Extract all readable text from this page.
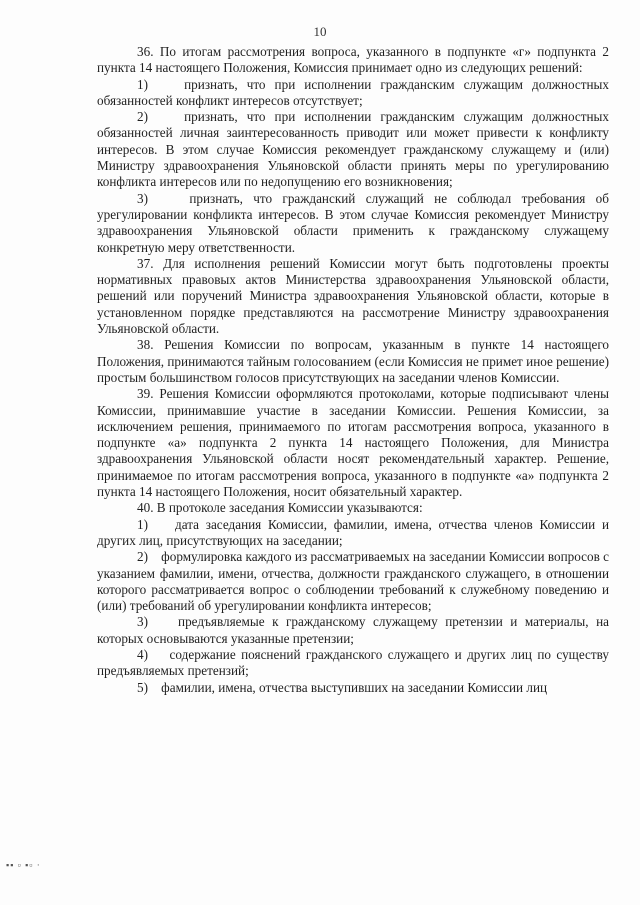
10

36. По итогам рассмотрения вопроса, указанного в подпункте «г» подпункта 2 пункта 14 настоящего Положения, Комиссия принимает одно из следующих решений:

1)    признать, что при исполнении гражданским служащим должностных обязанностей конфликт интересов отсутствует;

2)    признать, что при исполнении гражданским служащим должностных обязанностей личная заинтересованность приводит или может привести к конфликту интересов. В этом случае Комиссия рекомендует гражданскому служащему и (или) Министру здравоохранения Ульяновской области принять меры по урегулированию конфликта интересов или по недопущению его возникновения;

3)    признать, что гражданский служащий не соблюдал требования об урегулировании конфликта интересов. В этом случае Комиссия рекомендует Министру здравоохранения Ульяновской области применить к гражданскому служащему конкретную меру ответственности.

37. Для исполнения решений Комиссии могут быть подготовлены проекты нормативных правовых актов Министерства здравоохранения Ульяновской области, решений или поручений Министра здравоохранения Ульяновской области, которые в установленном порядке представляются на рассмотрение Министру здравоохранения Ульяновской области.

38. Решения Комиссии по вопросам, указанным в пункте 14 настоящего Положения, принимаются тайным голосованием (если Комиссия не примет иное решение) простым большинством голосов присутствующих на заседании членов Комиссии.

39. Решения Комиссии оформляются протоколами, которые подписывают члены Комиссии, принимавшие участие в заседании Комиссии. Решения Комиссии, за исключением решения, принимаемого по итогам рассмотрения вопроса, указанного в подпункте «а» подпункта 2 пункта 14 настоящего Положения, для Министра здравоохранения Ульяновской области носят рекомендательный характер. Решение, принимаемое по итогам рассмотрения вопроса, указанного в подпункте «а» подпункта 2 пункта 14 настоящего Положения, носит обязательный характер.

40. В протоколе заседания Комиссии указываются:

1)    дата заседания Комиссии, фамилии, имена, отчества членов Комиссии и других лиц, присутствующих на заседании;

2)    формулировка каждого из рассматриваемых на заседании Комиссии вопросов с указанием фамилии, имени, отчества, должности гражданского служащего, в отношении которого рассматривается вопрос о соблюдении требований к служебному поведению и (или) требований об урегулировании конфликта интересов;

3)    предъявляемые к гражданскому служащему претензии и материалы, на которых основываются указанные претензии;

4)    содержание пояснений гражданского служащего и других лиц по существу предъявляемых претензий;

5)    фамилии, имена, отчества выступивших на заседании Комиссии лиц

▪▪ ▫ ▪▫ ·
